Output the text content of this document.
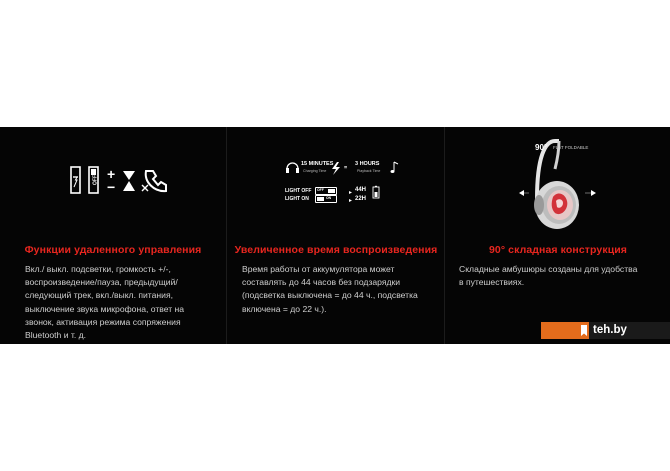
OFF +
−
Функции удаленного управления
Вкл./ выкл. подсветки, громкость +/-,
воспроизведение/пауза, предыдущий/
следующий трек, вкл./выкл. питания,
выключение звука микрофона, ответ на
звонок, активация режима сопряжения
Bluetooth и т. д.
15 MINUTES
Charging Time	=
3 HOURS
Playback Time
LIGHT OFF OFF	44H
LIGHT ON	ON	22H
Увеличенное время воспроизведения
Время работы от аккумулятора может
составлять до 44 часов без подзарядки
(подсветка выключена = до 44 ч., подсветка
включена = до 22 ч.).
90° FLAT FOLDABLE
90° складная конструкция
Складные амбушюры созданы для удобства
в путешествиях.
teh.by
